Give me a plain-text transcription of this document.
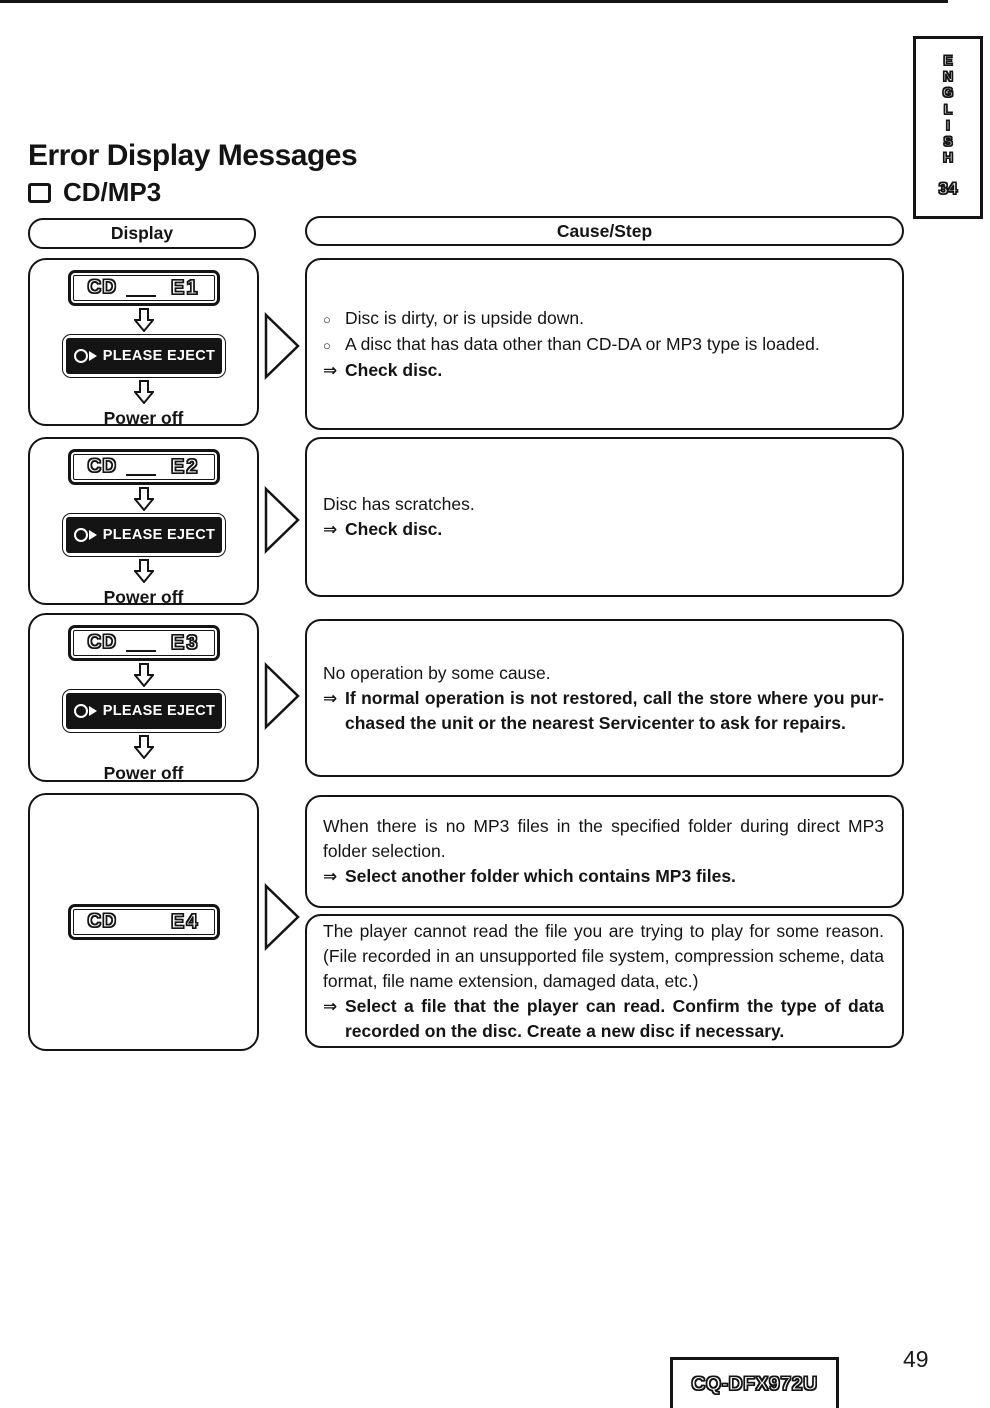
E
N
G
L
I
S
H
34
Error Display Messages
CD/MP3
Display	Cause/Step
CD	E1
PLEASE EJECT
Power off
○ Disc is dirty, or is upside down.
○ A disc that has data other than CD-DA or MP3 type is loaded.
⇒ Check disc.
CD	E2
PLEASE EJECT
Power off
Disc has scratches.
⇒ Check disc.
CD	E3
PLEASE EJECT
Power off
No operation by some cause.
⇒ If normal operation is not restored, call the store where you pur-
chased the unit or the nearest Servicenter to ask for repairs.
CD	E4
When there is no MP3 files in the specified folder during direct MP3
folder selection.
⇒ Select another folder which contains MP3 files.
The player cannot read the file you are trying to play for some reason.
(File recorded in an unsupported file system, compression scheme, data
format, file name extension, damaged data, etc.)
⇒ Select a file that the player can read. Confirm the type of data
recorded on the disc. Create a new disc if necessary.
CQ-DFX972U
49
